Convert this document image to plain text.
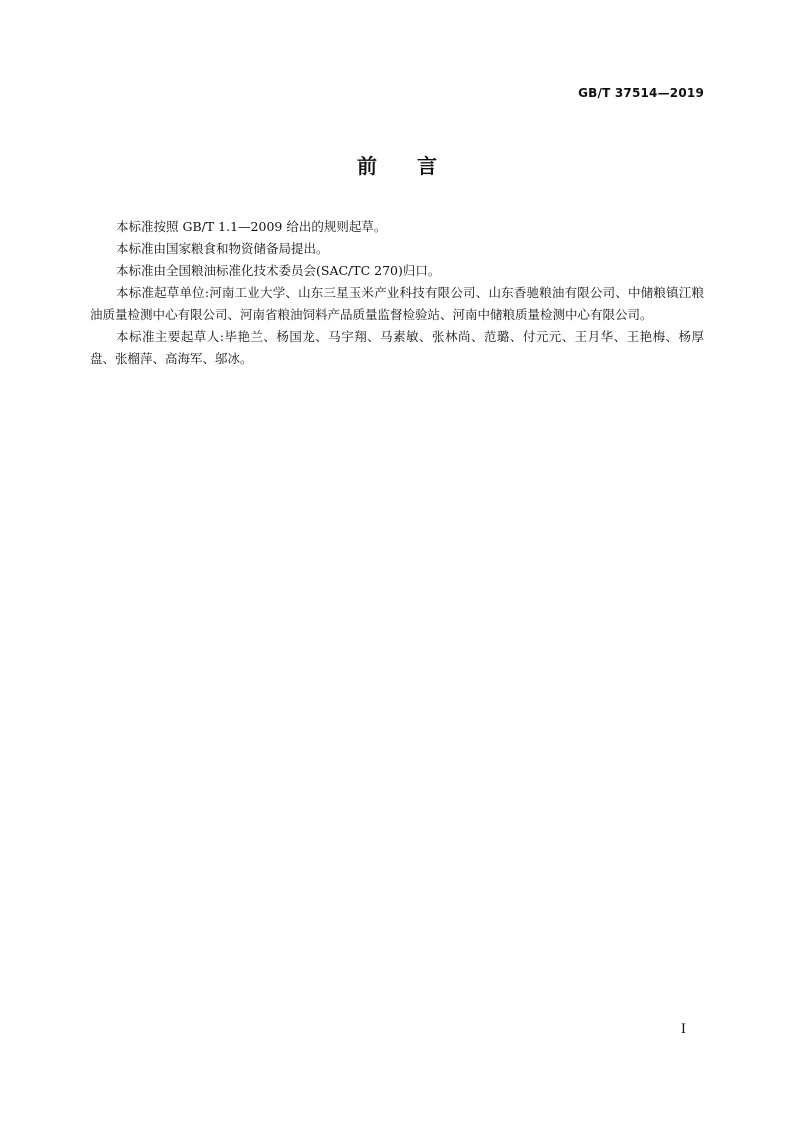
GB/T 37514—2019
前言

本标准按照 GB/T 1.1—2009 给出的规则起草。

本标准由国家粮食和物资储备局提出。

本标准由全国粮油标准化技术委员会(SAC/TC 270)归口。

本标准起草单位:河南工业大学、山东三星玉米产业科技有限公司、山东香驰粮油有限公司、中储粮镇江粮油质量检测中心有限公司、河南省粮油饲料产品质量监督检验站、河南中储粮质量检测中心有限公司。

本标准主要起草人:毕艳兰、杨国龙、马宇翔、马素敏、张林尚、范璐、付元元、王月华、王艳梅、杨厚盘、张榴萍、高海军、邬冰。

I
